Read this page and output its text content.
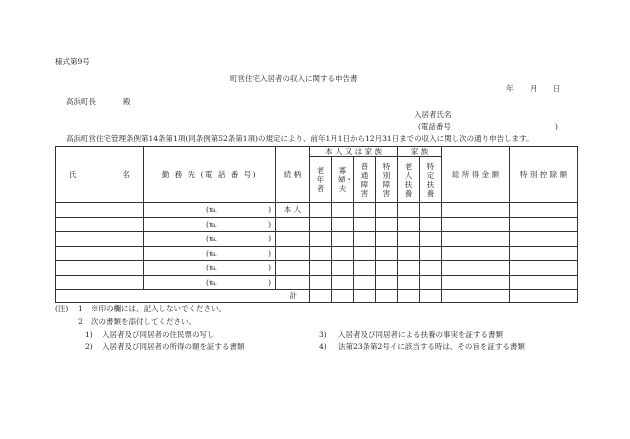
様式第9号
町営住宅入居者の収入に関する申告書
年 月 日
高浜町長	殿
入居者氏名
(電話番号	)
高浜町営住宅管理条例第14条第1項(同条例第52条第1項)の規定により、前年1月1日から12月31日までの収入に関し次の通り申告します。
氏 名	勤 務 先 (電 話 番 号)	続 柄	本 人 又 は 家 族				家 族		総 所 得 金 額	特 別 控 除 額
			老年者	寡婦・夫	普通障害	特別障害	老人扶養	特定扶養		

	(℡ )	本 人								

	(℡ )									

	(℡ )									

	(℡ )									

	(℡ )									

	(℡ )									

計										
(注) 1 ※印の欄には、記入しないでください。
2 次の書類を添付してください。
1) 入居者及び同居者の住民票の写し	3) 入居者及び同居者による扶養の事実を証する書類
2) 入居者及び同居者の所得の額を証する書類	4) 法第23条第2号イに該当する時は、その旨を証する書類
